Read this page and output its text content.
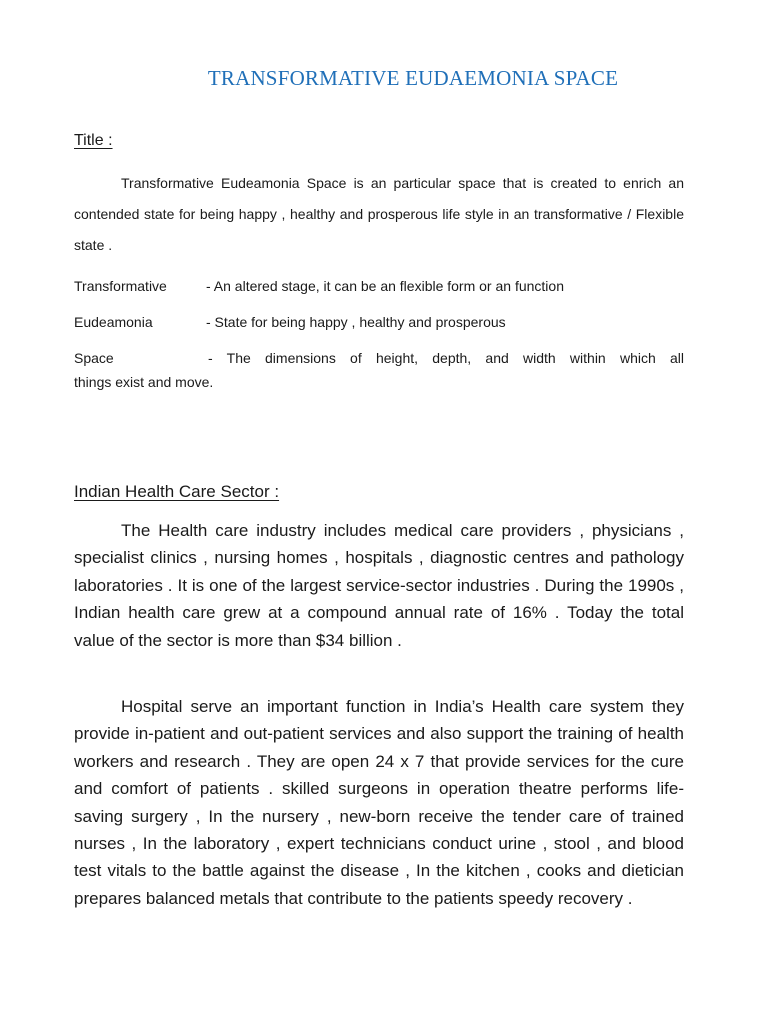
TRANSFORMATIVE EUDAEMONIA SPACE
Title :
Transformative Eudeamonia Space is an particular space that is created to enrich an contended state for being happy , healthy and prosperous life style in an transformative / Flexible state .
Transformative	- An altered stage, it can be an flexible form or an function
Eudeamonia	- State for being happy , healthy and prosperous
Space	- The dimensions of height, depth, and width within which all
things exist and move.
Indian Health Care Sector :
The Health care industry includes medical care providers , physicians , specialist clinics , nursing homes , hospitals , diagnostic centres and pathology laboratories . It is one of the largest service-sector industries . During the 1990s , Indian health care grew at a compound annual rate of 16% . Today the total value of the sector is more than $34 billion .
Hospital serve an important function in India’s Health care system they provide in-patient and out-patient services and also support the training of health workers and research . They are open 24 x 7 that provide services for the cure and comfort of patients . skilled surgeons in operation theatre performs life-saving surgery , In the nursery , new-born receive the tender care of trained nurses , In the laboratory , expert technicians conduct urine , stool , and blood test vitals to the battle against the disease , In the kitchen , cooks and dietician prepares balanced metals that contribute to the patients speedy recovery .
